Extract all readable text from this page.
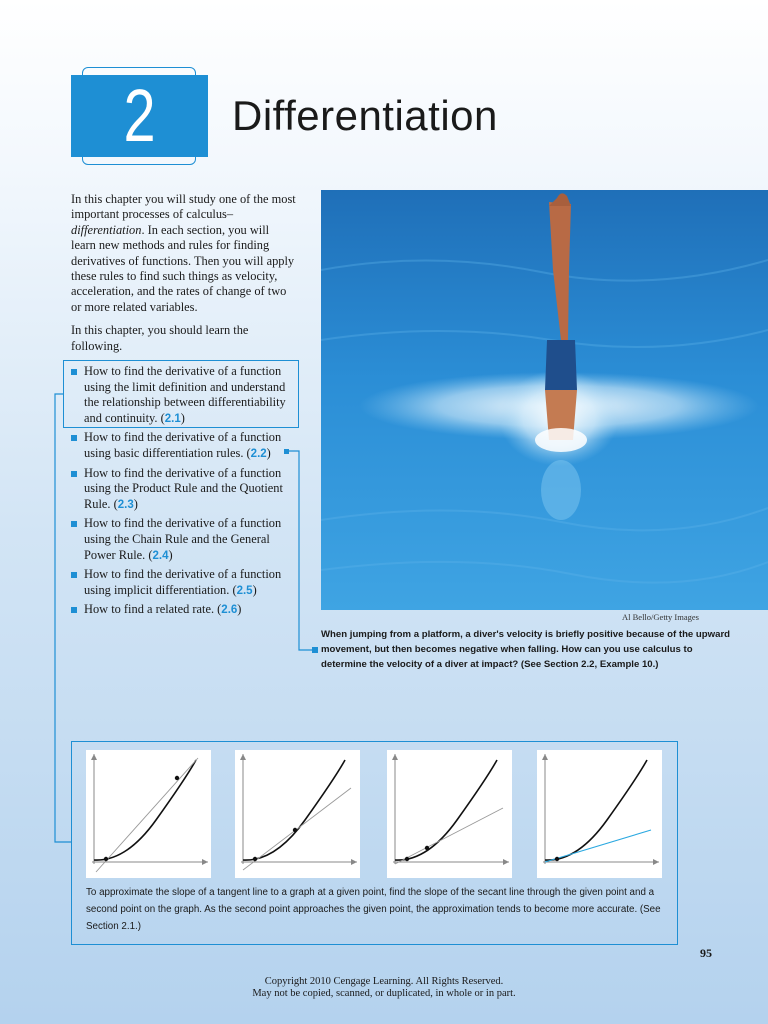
2	Differentiation

In this chapter you will study one of the most important processes of calculus–differentiation. In each section, you will learn new methods and rules for finding derivatives of functions. Then you will apply these rules to find such things as velocity, acceleration, and the rates of change of two or more related variables.

In this chapter, you should learn the following.

How to find the derivative of a function using the limit definition and understand the relationship between differentiability and continuity. (2.1)
How to find the derivative of a function using basic differentiation rules. (2.2)
How to find the derivative of a function using the Product Rule and the Quotient Rule. (2.3)
How to find the derivative of a function using the Chain Rule and the General Power Rule. (2.4)
How to find the derivative of a function using implicit differentiation. (2.5)
How to find a related rate. (2.6)
Al Bello/Getty Images
When jumping from a platform, a diver's velocity is briefly positive because of the upward movement, but then becomes negative when falling. How can you use calculus to determine the velocity of a diver at impact? (See Section 2.2, Example 10.)
To approximate the slope of a tangent line to a graph at a given point, find the slope of the secant line through the given point and a second point on the graph. As the second point approaches the given point, the approximation tends to become more accurate. (See Section 2.1.)
95
Copyright 2010 Cengage Learning. All Rights Reserved.
May not be copied, scanned, or duplicated, in whole or in part.
